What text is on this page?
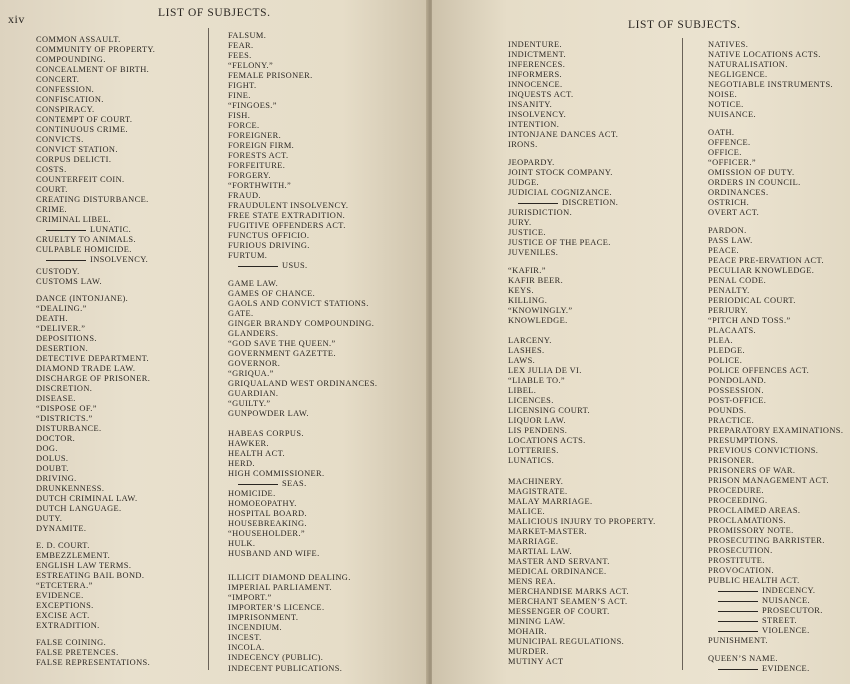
xiv	LIST OF SUBJECTS.
COMMON ASSAULT.
COMMUNITY OF PROPERTY.
COMPOUNDING.
CONCEALMENT OF BIRTH.
CONCERT.
CONFESSION.
CONFISCATION.
CONSPIRACY.
CONTEMPT OF COURT.
CONTINUOUS CRIME.
CONVICTS.
CONVICT STATION.
CORPUS DELICTI.
COSTS.
COUNTERFEIT COIN.
COURT.
CREATING DISTURBANCE.
CRIME.
CRIMINAL LIBEL.
LUNATIC.
CRUELTY TO ANIMALS.
CULPABLE HOMICIDE.
INSOLVENCY.
CUSTODY.
CUSTOMS LAW.
DANCE (INTONJANE).
“DEALING.”
DEATH.
“DELIVER.”
DEPOSITIONS.
DESERTION.
DETECTIVE DEPARTMENT.
DIAMOND TRADE LAW.
DISCHARGE OF PRISONER.
DISCRETION.
DISEASE.
“DISPOSE OF.”
“DISTRICTS.”
DISTURBANCE.
DOCTOR.
DOG.
DOLUS.
DOUBT.
DRIVING.
DRUNKENNESS.
DUTCH CRIMINAL LAW.
DUTCH LANGUAGE.
DUTY.
DYNAMITE.
E. D. COURT.
EMBEZZLEMENT.
ENGLISH LAW TERMS.
ESTREATING BAIL BOND.
“ETCETERA.”
EVIDENCE.
EXCEPTIONS.
EXCISE ACT.
EXTRADITION.
FALSE COINING.
FALSE PRETENCES.
FALSE REPRESENTATIONS.
FALSUM.
FEAR.
FEES.
“FELONY.”
FEMALE PRISONER.
FIGHT.
FINE.
“FINGOES.”
FISH.
FORCE.
FOREIGNER.
FOREIGN FIRM.
FORESTS ACT.
FORFEITURE.
FORGERY.
“FORTHWITH.”
FRAUD.
FRAUDULENT INSOLVENCY.
FREE STATE EXTRADITION.
FUGITIVE OFFENDERS ACT.
FUNCTUS OFFICIO.
FURIOUS DRIVING.
FURTUM.
USUS.
GAME LAW.
GAMES OF CHANCE.
GAOLS AND CONVICT STATIONS.
GATE.
GINGER BRANDY COMPOUNDING.
GLANDERS.
“GOD SAVE THE QUEEN.”
GOVERNMENT GAZETTE.
GOVERNOR.
“GRIQUA.”
GRIQUALAND WEST ORDINANCES.
GUARDIAN.
“GUILTY.”
GUNPOWDER LAW.
HABEAS CORPUS.
HAWKER.
HEALTH ACT.
HERD.
HIGH COMMISSIONER.
SEAS.
HOMICIDE.
HOMOEOPATHY.
HOSPITAL BOARD.
HOUSEBREAKING.
“HOUSEHOLDER.”
HULK.
HUSBAND AND WIFE.
ILLICIT DIAMOND DEALING.
IMPERIAL PARLIAMENT.
“IMPORT.”
IMPORTER’S LICENCE.
IMPRISONMENT.
INCENDIUM.
INCEST.
INCOLA.
INDECENCY (PUBLIC).
INDECENT PUBLICATIONS.
LIST OF SUBJECTS.
INDENTURE.
INDICTMENT.
INFERENCES.
INFORMERS.
INNOCENCE.
INQUESTS ACT.
INSANITY.
INSOLVENCY.
INTENTION.
INTONJANE DANCES ACT.
IRONS.
JEOPARDY.
JOINT STOCK COMPANY.
JUDGE.
JUDICIAL COGNIZANCE.
DISCRETION.
JURISDICTION.
JURY.
JUSTICE.
JUSTICE OF THE PEACE.
JUVENILES.
“KAFIR.”
KAFIR BEER.
KEYS.
KILLING.
“KNOWINGLY.”
KNOWLEDGE.
LARCENY.
LASHES.
LAWS.
LEX JULIA DE VI.
“LIABLE TO.”
LIBEL.
LICENCES.
LICENSING COURT.
LIQUOR LAW.
LIS PENDENS.
LOCATIONS ACTS.
LOTTERIES.
LUNATICS.
MACHINERY.
MAGISTRATE.
MALAY MARRIAGE.
MALICE.
MALICIOUS INJURY TO PROPERTY.
MARKET-MASTER.
MARRIAGE.
MARTIAL LAW.
MASTER AND SERVANT.
MEDICAL ORDINANCE.
MENS REA.
MERCHANDISE MARKS ACT.
MERCHANT SEAMEN’S ACT.
MESSENGER OF COURT.
MINING LAW.
MOHAIR.
MUNICIPAL REGULATIONS.
MURDER.
MUTINY ACT
NATIVES.
NATIVE LOCATIONS ACTS.
NATURALISATION.
NEGLIGENCE.
NEGOTIABLE INSTRUMENTS.
NOISE.
NOTICE.
NUISANCE.
OATH.
OFFENCE.
OFFICE.
“OFFICER.”
OMISSION OF DUTY.
ORDERS IN COUNCIL.
ORDINANCES.
OSTRICH.
OVERT ACT.
PARDON.
PASS LAW.
PEACE.
PEACE PRE-ERVATION ACT.
PECULIAR KNOWLEDGE.
PENAL CODE.
PENALTY.
PERIODICAL COURT.
PERJURY.
“PITCH AND TOSS.”
PLACAATS.
PLEA.
PLEDGE.
POLICE.
POLICE OFFENCES ACT.
PONDOLAND.
POSSESSION.
POST-OFFICE.
POUNDS.
PRACTICE.
PREPARATORY EXAMINATIONS.
PRESUMPTIONS.
PREVIOUS CONVICTIONS.
PRISONER.
PRISONERS OF WAR.
PRISON MANAGEMENT ACT.
PROCEDURE.
PROCEEDING.
PROCLAIMED AREAS.
PROCLAMATIONS.
PROMISSORY NOTE.
PROSECUTING BARRISTER.
PROSECUTION.
PROSTITUTE.
PROVOCATION.
PUBLIC HEALTH ACT.
INDECENCY.
NUISANCE.
PROSECUTOR.
STREET.
VIOLENCE.
PUNISHMENT.
QUEEN’S NAME.
EVIDENCE.
